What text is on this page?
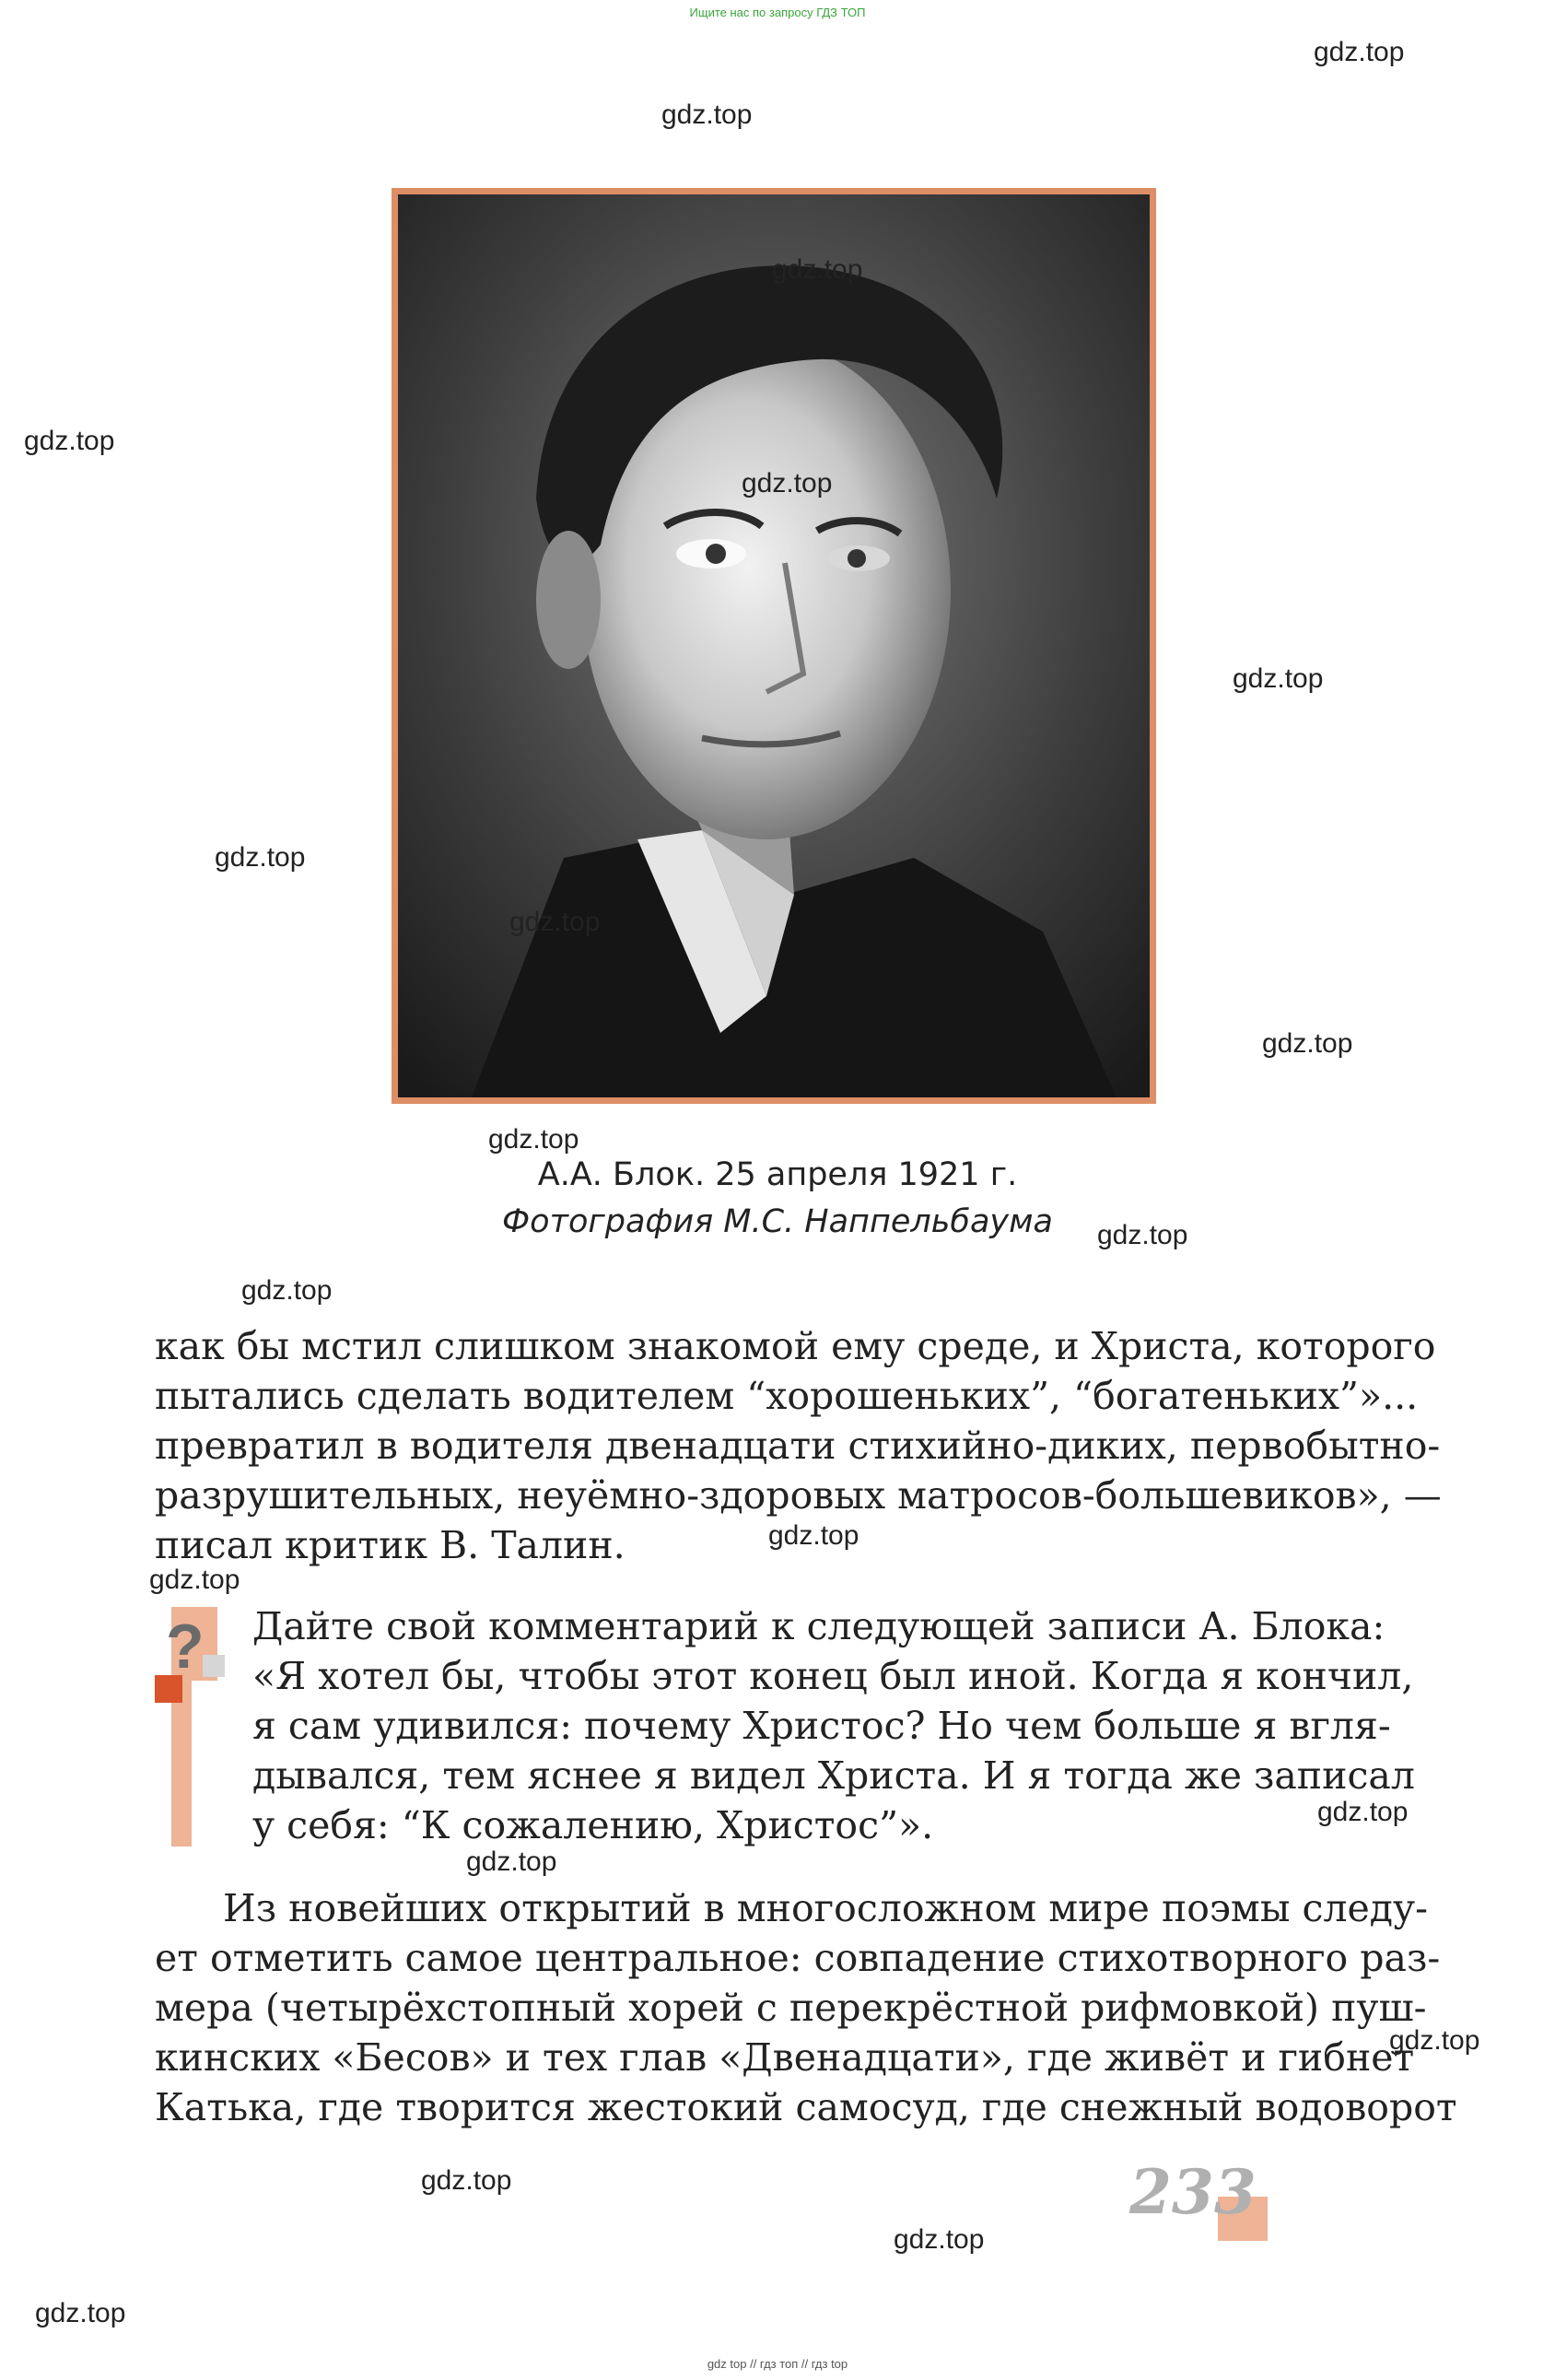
Ищите нас по запросу ГДЗ ТОП
А.А. Блок. 25 апреля 1921 г.
Фотография М.С. Наппельбаума
как бы мстил слишком знакомой ему среде, и Христа, которого
пытались сделать водителем “хорошеньких”, “богатеньких”»...
превратил в водителя двенадцати стихийно-диких, первобытно-
разрушительных, неуёмно-здоровых матросов-большевиков», —
писал критик В. Талин.
? Дайте свой комментарий к следующей записи А. Блока:
«Я хотел бы, чтобы этот конец был иной. Когда я кончил,
я сам удивился: почему Христос? Но чем больше я вгля-
дывался, тем яснее я видел Христа. И я тогда же записал
у себя: “К сожалению, Христос”».
Из новейших открытий в многосложном мире поэмы следу-
ет отметить самое центральное: совпадение стихотворного раз-
мера (четырёхстопный хорей с перекрёстной рифмовкой) пуш-
кинских «Бесов» и тех глав «Двенадцати», где живёт и гибнет
Катька, где творится жестокий самосуд, где снежный водоворот
233
gdz.top
gdz.top
gdz.top
gdz.top
gdz.top
gdz.top
gdz.top
gdz.top
gdz.top
gdz.top
gdz.top
gdz.top
gdz.top
gdz.top
gdz.top
gdz.top
gdz.top
gdz.top
gdz.top
gdz.top
gdz top // гдз топ // гдз top
